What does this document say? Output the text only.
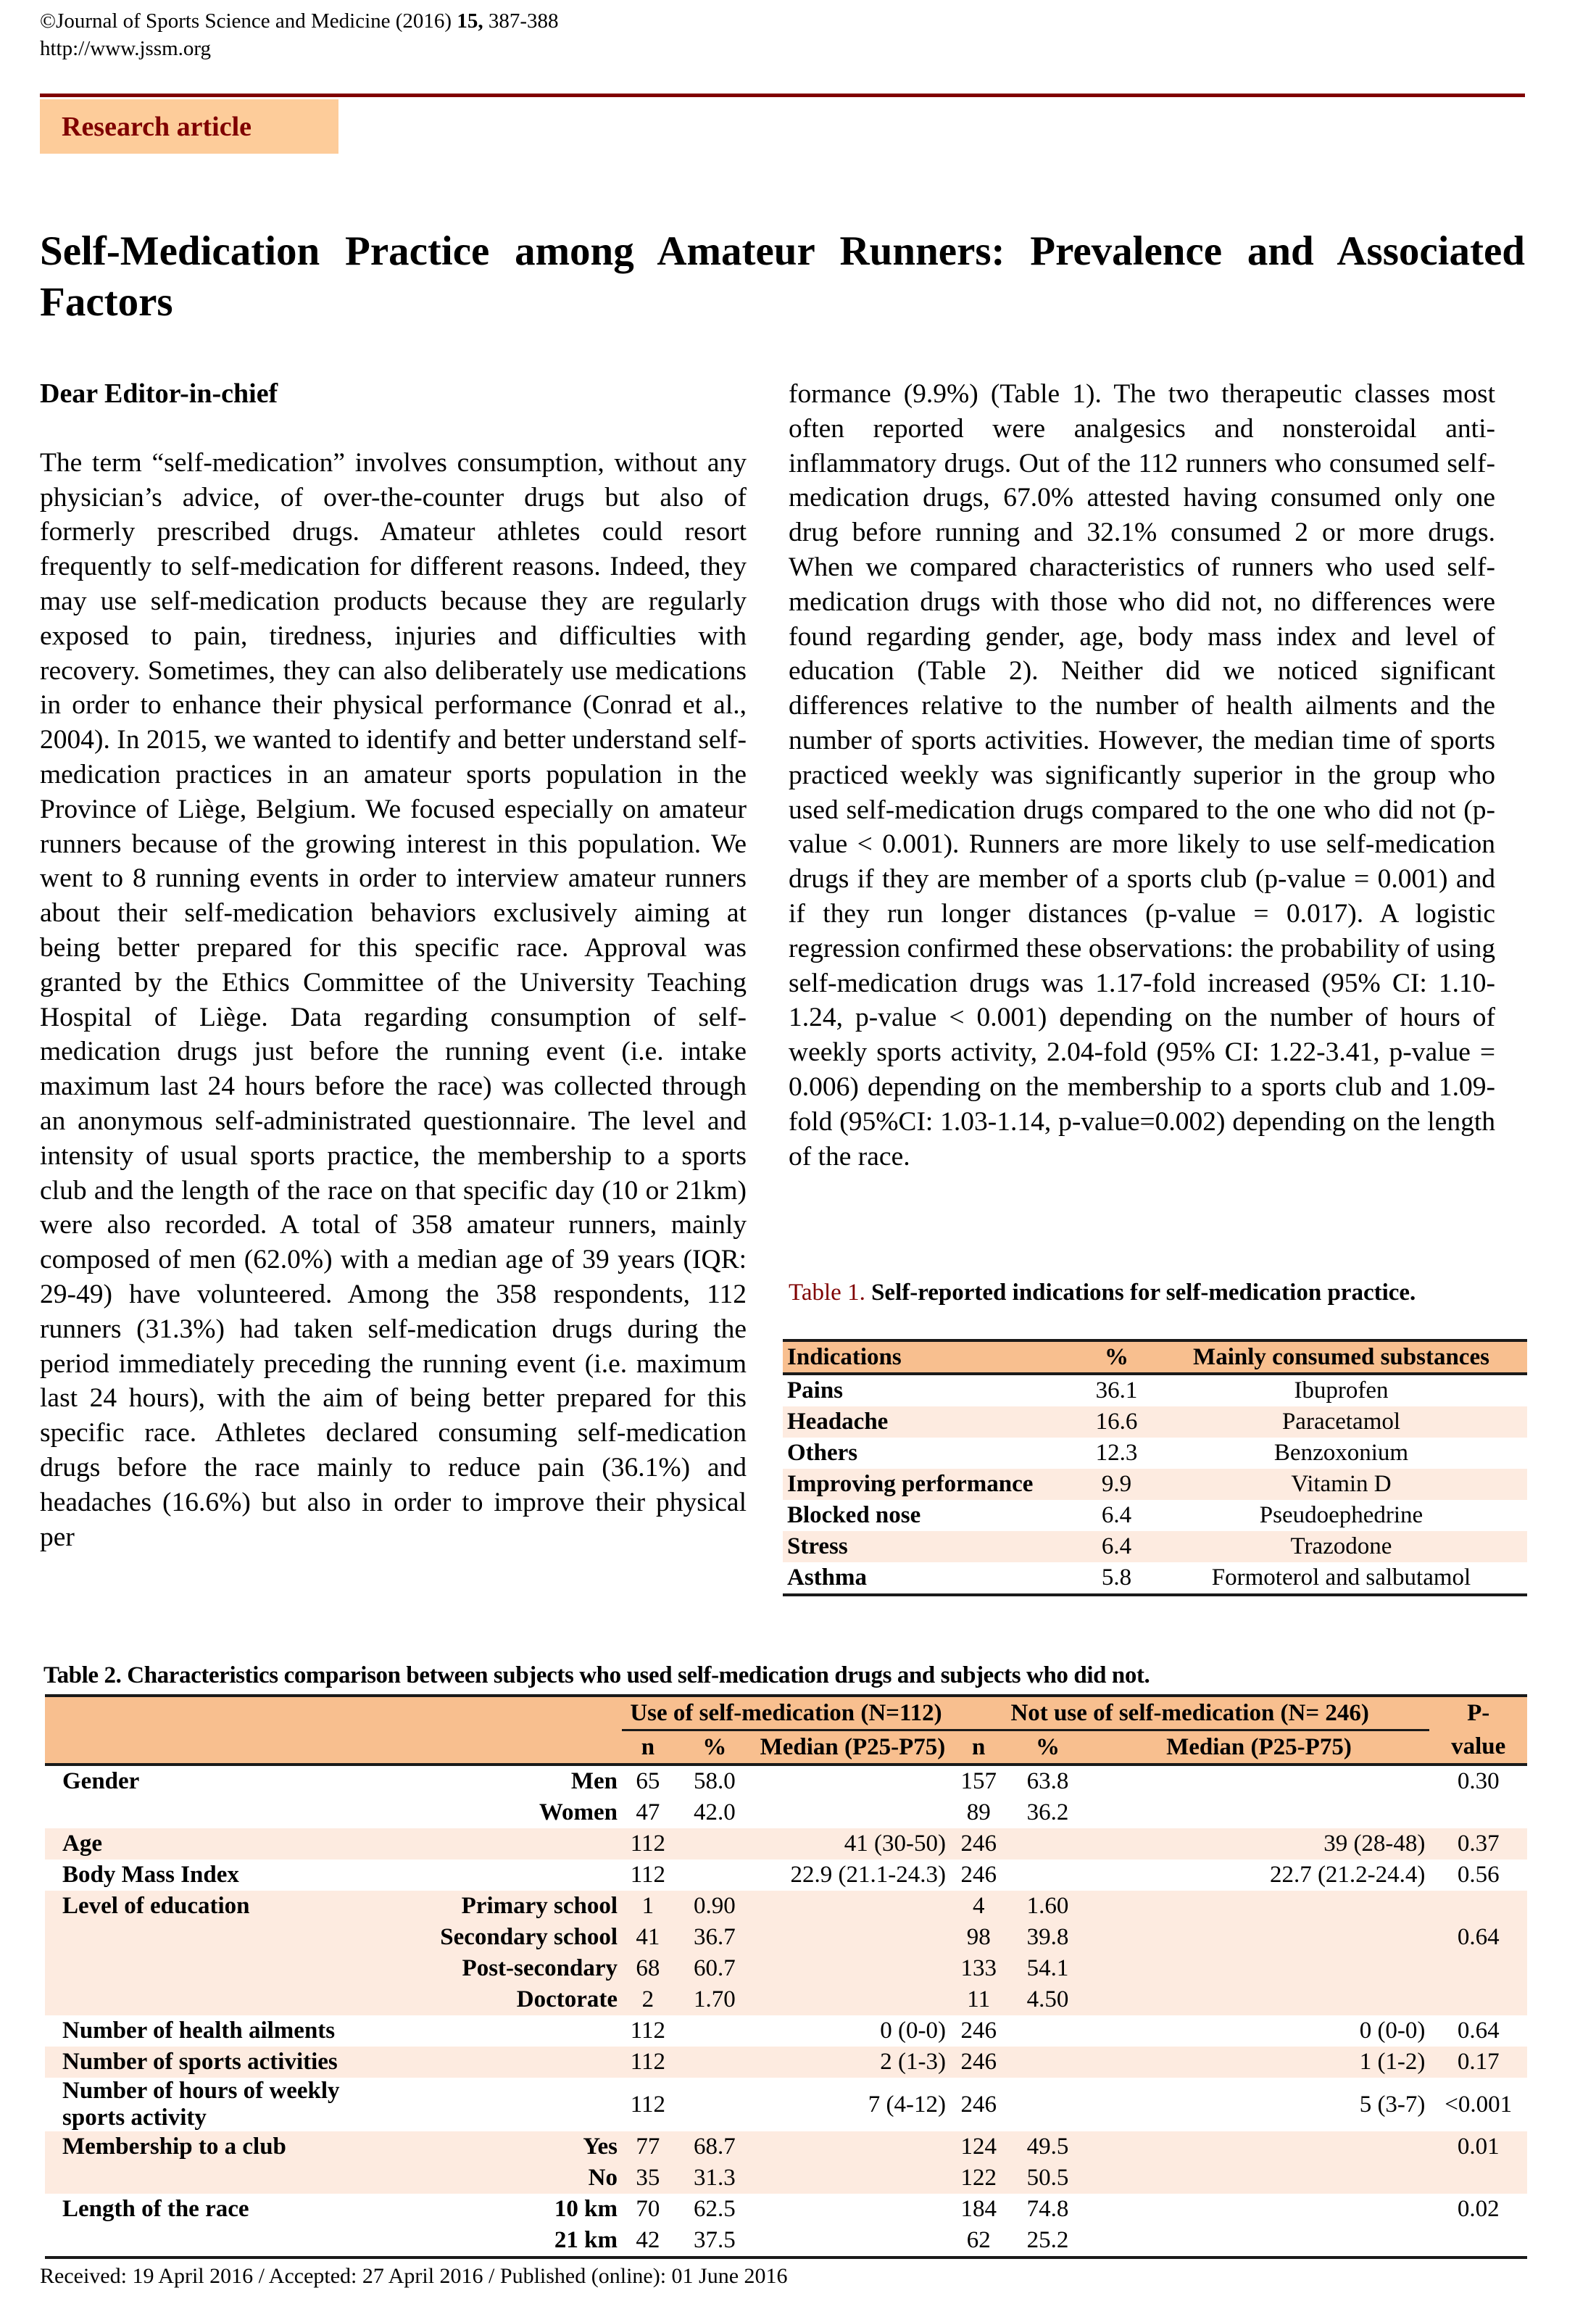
©Journal of Sports Science and Medicine (2016) 15, 387-388
http://www.jssm.org
Research article
Self-Medication Practice among Amateur Runners: Prevalence and Associated Factors
Dear Editor-in-chief
The term “self-medication” involves consumption, without any physician’s advice, of over-the-counter drugs but also of formerly prescribed drugs. Amateur athletes could resort frequently to self-medication for different reasons. Indeed, they may use self-medication products because they are regularly exposed to pain, tiredness, injuries and difficulties with recovery. Sometimes, they can also deliberately use medications in order to enhance their physical performance (Conrad et al., 2004). In 2015, we wanted to identify and better understand self-medication practices in an amateur sports population in the Province of Liège, Belgium. We focused especially on amateur runners because of the growing interest in this population. We went to 8 running events in order to interview amateur runners about their self-medication behaviors exclusively aiming at being better prepared for this specific race. Approval was granted by the Ethics Committee of the University Teaching Hospital of Liège. Data regarding consumption of self-medication drugs just before the running event (i.e. intake maximum last 24 hours before the race) was collected through an anonymous self-administrated questionnaire. The level and intensity of usual sports practice, the membership to a sports club and the length of the race on that specific day (10 or 21km) were also recorded. A total of 358 amateur runners, mainly composed of men (62.0%) with a median age of 39 years (IQR: 29-49) have volunteered. Among the 358 respondents, 112 runners (31.3%) had taken self-medication drugs during the period immediately preceding the running event (i.e. maximum last 24 hours), with the aim of being better prepared for this specific race. Athletes declared consuming self-medication drugs before the race mainly to reduce pain (36.1%) and headaches (16.6%) but also in order to improve their physical per
formance (9.9%) (Table 1). The two therapeutic classes most often reported were analgesics and nonsteroidal anti-inflammatory drugs. Out of the 112 runners who consumed self-medication drugs, 67.0% attested having consumed only one drug before running and 32.1% consumed 2 or more drugs. When we compared characteristics of runners who used self-medication drugs with those who did not, no differences were found regarding gender, age, body mass index and level of education (Table 2). Neither did we noticed significant differences relative to the number of health ailments and the number of sports activities. However, the median time of sports practiced weekly was significantly superior in the group who used self-medication drugs compared to the one who did not (p-value < 0.001). Runners are more likely to use self-medication drugs if they are member of a sports club (p-value = 0.001) and if they run longer distances (p-value = 0.017). A logistic regression confirmed these observations: the probability of using self-medication drugs was 1.17-fold increased (95% CI: 1.10-1.24, p-value < 0.001) depending on the number of hours of weekly sports activity, 2.04-fold (95% CI: 1.22-3.41, p-value = 0.006) depending on the membership to a sports club and 1.09-fold (95%CI: 1.03-1.14, p-value=0.002) depending on the length of the race.
Table 1. Self-reported indications for self-medication practice.
Indications	%	Mainly consumed substances
Pains	36.1	Ibuprofen
Headache	16.6	Paracetamol
Others	12.3	Benzoxonium
Improving performance	9.9	Vitamin D
Blocked nose	6.4	Pseudoephedrine
Stress	6.4	Trazodone
Asthma	5.8	Formoterol and salbutamol
Table 2. Characteristics comparison between subjects who used self-medication drugs and subjects who did not.
		Use of self-medication (N=112)			Not use of self-medication (N= 246)			P-
		n	%	Median (P25-P75)	n	%	Median (P25-P75)	value
Gender	Men	65	58.0		157	63.8		0.30
	Women	47	42.0		89	36.2		
Age		112		41 (30-50)	246		39 (28-48)	0.37
Body Mass Index		112		22.9 (21.1-24.3)	246		22.7 (21.2-24.4)	0.56
Level of education	Primary school	1	0.90		4	1.60		
	Secondary school	41	36.7		98	39.8		0.64
	Post-secondary	68	60.7		133	54.1		
	Doctorate	2	1.70		11	4.50		
Number of health ailments		112		0 (0-0)	246		0 (0-0)	0.64
Number of sports activities		112		2 (1-3)	246		1 (1-2)	0.17
Number of hours of weekly sports activity		112		7 (4-12)	246		5 (3-7)	<0.001
Membership to a club	Yes	77	68.7		124	49.5		0.01
	No	35	31.3		122	50.5		
Length of the race	10 km	70	62.5		184	74.8		0.02
	21 km	42	37.5		62	25.2		
Received: 19 April 2016 / Accepted: 27 April 2016 / Published (online): 01 June 2016
